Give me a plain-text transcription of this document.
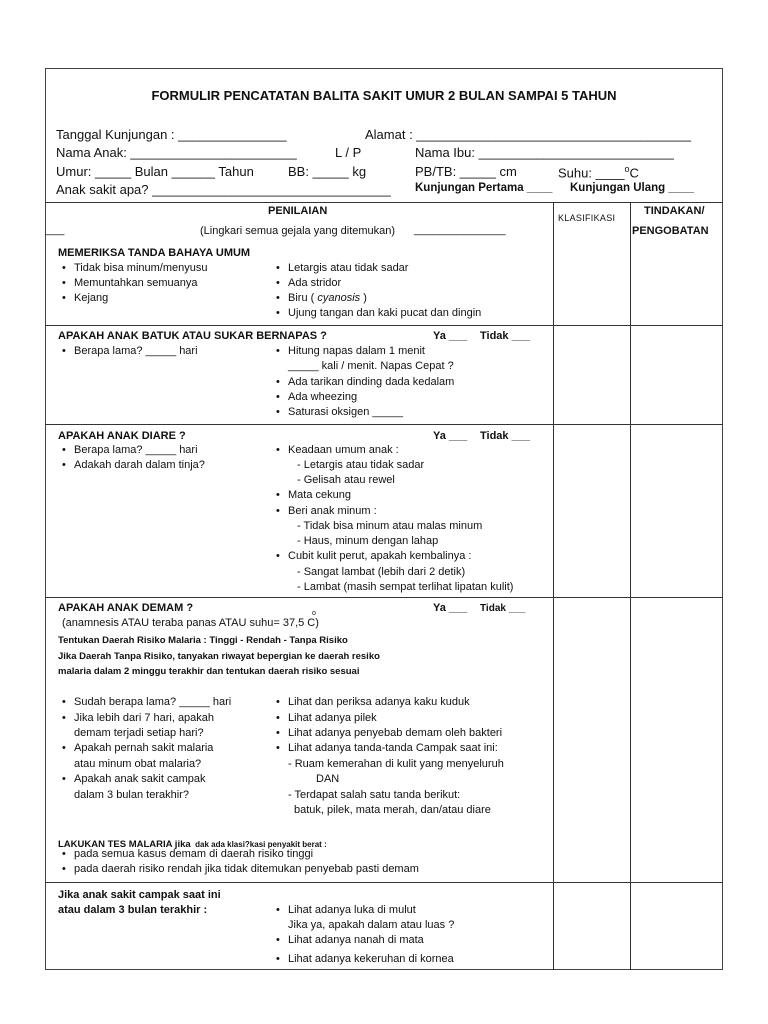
FORMULIR PENCATATAN BALITA SAKIT UMUR 2 BULAN SAMPAI 5 TAHUN
Tanggal Kunjungan : _______________	Alamat : ______________________________________
Nama Anak: _______________________	L / P	Nama Ibu: ___________________________
Umur: _____ Bulan ______ Tahun	BB: _____ kg	PB/TB: _____ cm	Suhu: ____$^o$C
Anak sakit apa? _________________________________ Kunjungan Pertama ____ Kunjungan Ulang ____
PENILAIAN
___	(Lingkari semua gejala yang ditemukan) _______________
KLASIFIKASI
TINDAKAN/
PENGOBATAN
MEMERIKSA TANDA BAHAYA UMUM
• Tidak bisa minum/menyusu
• Memuntahkan semuanya
• Kejang
• Letargis atau tidak sadar
• Ada stridor
• Biru ( cyanosis )
• Ujung tangan dan kaki pucat dan dingin
APAKAH ANAK BATUK ATAU SUKAR BERNAPAS ?	Ya ___ Tidak ___
• Berapa lama? _____ hari	• Hitung napas dalam 1 menit
_____ kali / menit. Napas Cepat ?
• Ada tarikan dinding dada kedalam
• Ada wheezing
• Saturasi oksigen _____
APAKAH ANAK DIARE ?	Ya ___ Tidak ___
• Berapa lama? _____ hari
• Adakah darah dalam tinja?
• Keadaan umum anak :
- Letargis atau tidak sadar
- Gelisah atau rewel
• Mata cekung
• Beri anak minum :
- Tidak bisa minum atau malas minum
- Haus, minum dengan lahap
• Cubit kulit perut, apakah kembalinya :
- Sangat lambat (lebih dari 2 detik)
- Lambat (masih sempat terlihat lipatan kulit)
APAKAH ANAK DEMAM ?	Ya ___ Tidak ___
o
(anamnesis ATAU teraba panas ATAU suhu= 37,5 C)
Tentukan Daerah Risiko Malaria : Tinggi - Rendah - Tanpa Risiko
Jika Daerah Tanpa Risiko, tanyakan riwayat bepergian ke daerah resiko
malaria dalam 2 minggu terakhir dan tentukan daerah risiko sesuai
• Sudah berapa lama? _____ hari
• Jika lebih dari 7 hari, apakah
demam terjadi setiap hari?
• Apakah pernah sakit malaria
atau minum obat malaria?
• Apakah anak sakit campak
dalam 3 bulan terakhir?
• Lihat dan periksa adanya kaku kuduk
• Lihat adanya pilek
• Lihat adanya penyebab demam oleh bakteri
• Lihat adanya tanda-tanda Campak saat ini:
- Ruam kemerahan di kulit yang menyeluruh
DAN
- Terdapat salah satu tanda berikut:
batuk, pilek, mata merah, dan/atau diare
LAKUKAN TES MALARIA jika dak ada klasi?kasi penyakit berat :
• pada semua kasus demam di daerah risiko tinggi
• pada daerah risiko rendah jika tidak ditemukan penyebab pasti demam
Jika anak sakit campak saat ini
atau dalam 3 bulan terakhir :	• Lihat adanya luka di mulut
Jika ya, apakah dalam atau luas ?
• Lihat adanya nanah di mata
• Lihat adanya kekeruhan di kornea
